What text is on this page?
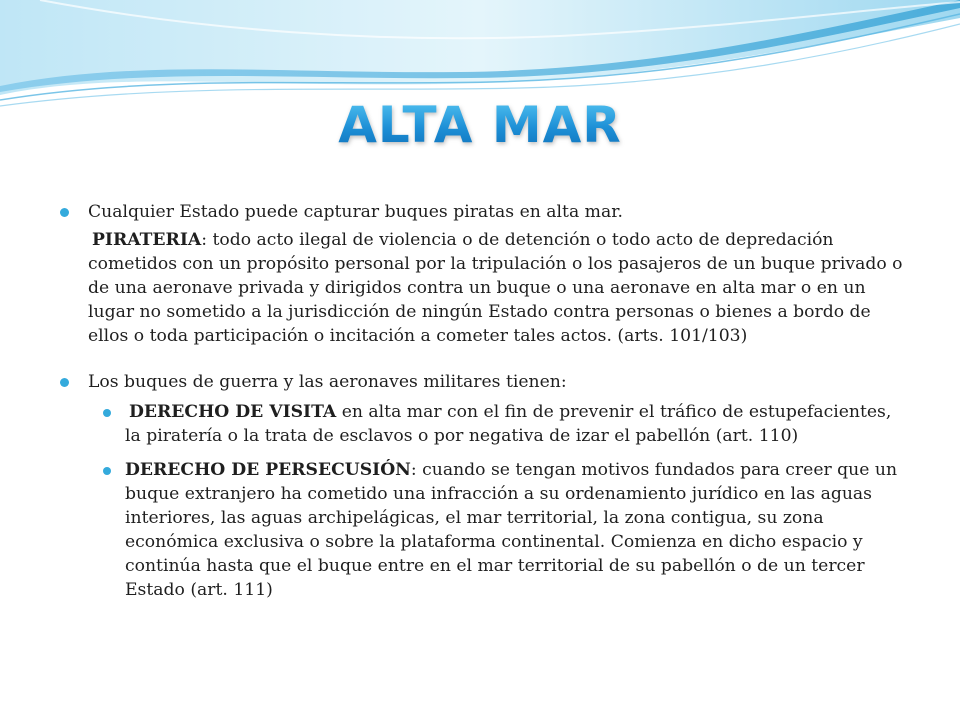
ALTA MAR
Cualquier Estado puede capturar buques piratas en alta mar.
PIRATERIA: todo acto ilegal de violencia o de detención o todo acto de depredación cometidos con un propósito personal por la tripulación o los pasajeros de un buque privado o de una aeronave privada y dirigidos contra un buque o una aeronave en alta mar o en un lugar no sometido a la jurisdicción de ningún Estado contra personas o bienes a bordo de ellos o toda participación o incitación a cometer tales actos. (arts. 101/103)
Los buques de guerra y las aeronaves militares tienen:
DERECHO DE VISITA en alta mar con el fin de prevenir el tráfico de estupefacientes, la piratería o la trata de esclavos o por negativa de izar el pabellón (art. 110)
DERECHO DE PERSECUSIÓN: cuando se tengan motivos fundados para creer que un buque extranjero ha cometido una infracción a su ordenamiento jurídico en las aguas interiores, las aguas archipelágicas, el mar territorial, la zona contigua, su zona económica exclusiva o sobre la plataforma continental. Comienza en dicho espacio y continúa hasta que el buque entre en el mar territorial de su pabellón o de un tercer Estado (art. 111)
